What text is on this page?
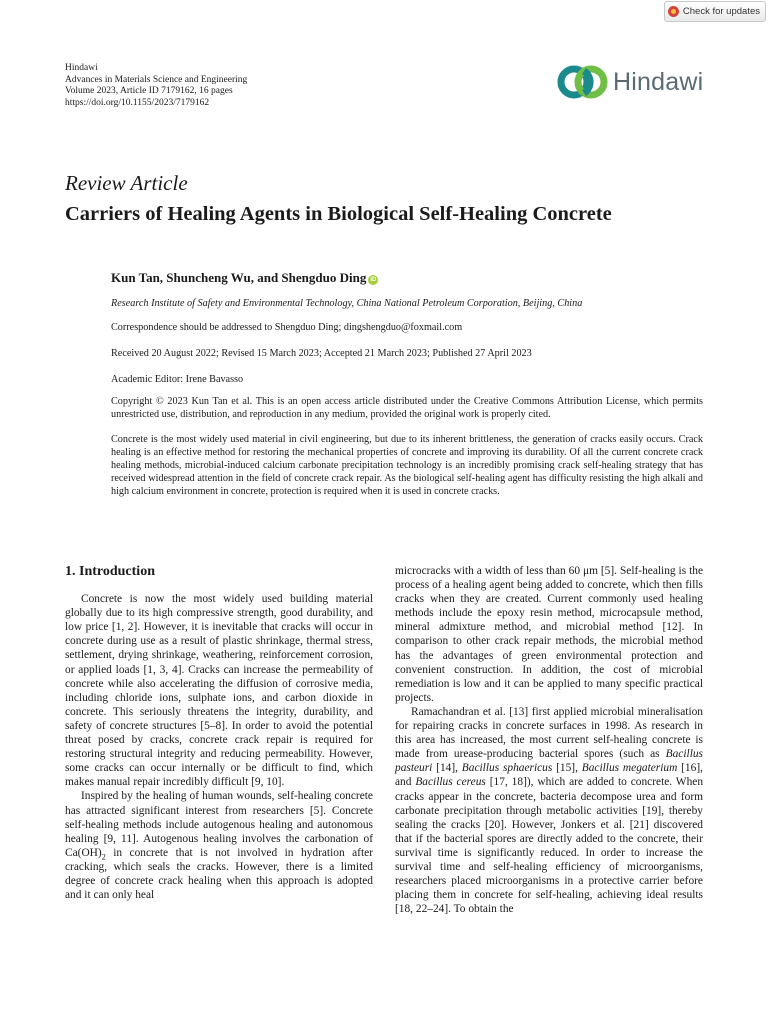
Check for updates
Hindawi
Advances in Materials Science and Engineering
Volume 2023, Article ID 7179162, 16 pages
https://doi.org/10.1155/2023/7179162
Hindawi
Review Article
Carriers of Healing Agents in Biological Self-Healing Concrete
Kun Tan, Shuncheng Wu, and Shengduo Ding iD
Research Institute of Safety and Environmental Technology, China National Petroleum Corporation, Beijing, China
Correspondence should be addressed to Shengduo Ding; dingshengduo@foxmail.com
Received 20 August 2022; Revised 15 March 2023; Accepted 21 March 2023; Published 27 April 2023
Academic Editor: Irene Bavasso
Copyright © 2023 Kun Tan et al. This is an open access article distributed under the Creative Commons Attribution License, which permits unrestricted use, distribution, and reproduction in any medium, provided the original work is properly cited.
Concrete is the most widely used material in civil engineering, but due to its inherent brittleness, the generation of cracks easily occurs. Crack healing is an effective method for restoring the mechanical properties of concrete and improving its durability. Of all the current concrete crack healing methods, microbial-induced calcium carbonate precipitation technology is an incredibly promising crack self-healing strategy that has received widespread attention in the field of concrete crack repair. As the biological self-healing agent has difficulty resisting the high alkali and high calcium environment in concrete, protection is required when it is used in concrete cracks.
1. Introduction

Concrete is now the most widely used building material globally due to its high compressive strength, good durability, and low price [1, 2]. However, it is inevitable that cracks will occur in concrete during use as a result of plastic shrinkage, thermal stress, settlement, drying shrinkage, weathering, reinforcement corrosion, or applied loads [1, 3, 4]. Cracks can increase the permeability of concrete while also accelerating the diffusion of corrosive media, including chloride ions, sulphate ions, and carbon dioxide in concrete. This seriously threatens the integrity, durability, and safety of concrete structures [5–8]. In order to avoid the potential threat posed by cracks, concrete crack repair is required for restoring structural integrity and reducing permeability. However, some cracks can occur internally or be difficult to find, which makes manual repair incredibly difficult [9, 10].

Inspired by the healing of human wounds, self-healing concrete has attracted significant interest from researchers [5]. Concrete self-healing methods include autogenous healing and autonomous healing [9, 11]. Autogenous healing involves the carbonation of $Ca(OH)_2$ in concrete that is not involved in hydration after cracking, which seals the cracks. However, there is a limited degree of concrete crack healing when this approach is adopted and it can only heal

microcracks with a width of less than 60 μm [5]. Self-healing is the process of a healing agent being added to concrete, which then fills cracks when they are created. Current commonly used healing methods include the epoxy resin method, microcapsule method, mineral admixture method, and microbial method [12]. In comparison to other crack repair methods, the microbial method has the advantages of green environmental protection and convenient construction. In addition, the cost of microbial remediation is low and it can be applied to many specific practical projects.

Ramachandran et al. [13] first applied microbial mineralisation for repairing cracks in concrete surfaces in 1998. As research in this area has increased, the most current self-healing concrete is made from urease-producing bacterial spores (such as Bacillus pasteuri [14], Bacillus sphaericus [15], Bacillus megaterium [16], and Bacillus cereus [17, 18]), which are added to concrete. When cracks appear in the concrete, bacteria decompose urea and form carbonate precipitation through metabolic activities [19], thereby sealing the cracks [20]. However, Jonkers et al. [21] discovered that if the bacterial spores are directly added to the concrete, their survival time is significantly reduced. In order to increase the survival time and self-healing efficiency of microorganisms, researchers placed microorganisms in a protective carrier before placing them in concrete for self-healing, achieving ideal results [18, 22–24]. To obtain the
